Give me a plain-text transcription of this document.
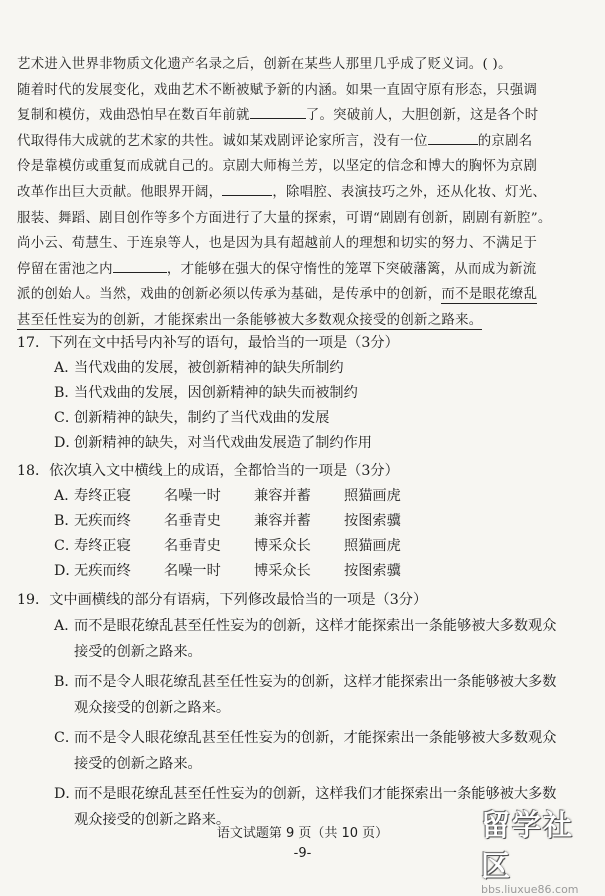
艺术进入世界非物质文化遗产名录之后，创新在某些人那里几乎成了贬义词。( )。
随着时代的发展变化，戏曲艺术不断被赋予新的内涵。如果一直固守原有形态，只强调
复制和模仿，戏曲恐怕早在数百年前就	了。突破前人，大胆创新，这是各个时
代取得伟大成就的艺术家的共性。诚如某戏剧评论家所言，没有一位	的京剧名
伶是靠模仿或重复而成就自己的。京剧大师梅兰芳，以坚定的信念和博大的胸怀为京剧
改革作出巨大贡献。他眼界开阔，	，除唱腔、表演技巧之外，还从化妆、灯光、
服装、舞蹈、剧目创作等多个方面进行了大量的探索，可谓“剧剧有创新，剧剧有新腔”。
尚小云、荀慧生、于连泉等人，也是因为具有超越前人的理想和切实的努力、不满足于
停留在雷池之内	，才能够在强大的保守惰性的笼罩下突破藩篱，从而成为新流
派的创始人。当然，戏曲的创新必须以传承为基础，是传承中的创新，而不是眼花缭乱
甚至任性妄为的创新，才能探索出一条能够被大多数观众接受的创新之路来。
17．下列在文中括号内补写的语句，最恰当的一项是（3分）
A．
当代戏曲的发展，被创新精神的缺失所制约
B．
当代戏曲的发展，因创新精神的缺失而被制约
C．
创新精神的缺失，制约了当代戏曲的发展
D．
创新精神的缺失，对当代戏曲发展造了制约作用
18．依次填入文中横线上的成语，全都恰当的一项是（3分）
A．
寿终正寝	名噪一时	兼容并蓄	照猫画虎
B．
无疾而终	名垂青史	兼容并蓄	按图索骥
C．
寿终正寝	名垂青史	博采众长	照猫画虎
D．
无疾而终	名噪一时	博采众长	按图索骥
19．文中画横线的部分有语病，下列修改最恰当的一项是（3分）
A．
而不是眼花缭乱甚至任性妄为的创新，这样才能探索出一条能够被大多数观众接受的创新之路来。
B．
而不是令人眼花缭乱甚至任性妄为的创新，这样才能探索出一条能够被大多数观众接受的创新之路来。
C．
而不是令人眼花缭乱甚至任性妄为的创新，才能探索出一条能够被大多数观众接受的创新之路来。
D．
而不是眼花缭乱甚至任性妄为的创新，这样我们才能探索出一条能够被大多数观众接受的创新之路来。
语文试题第 9 页（共 10 页）
-9-
留学社区
bbs.liuxue86.com
